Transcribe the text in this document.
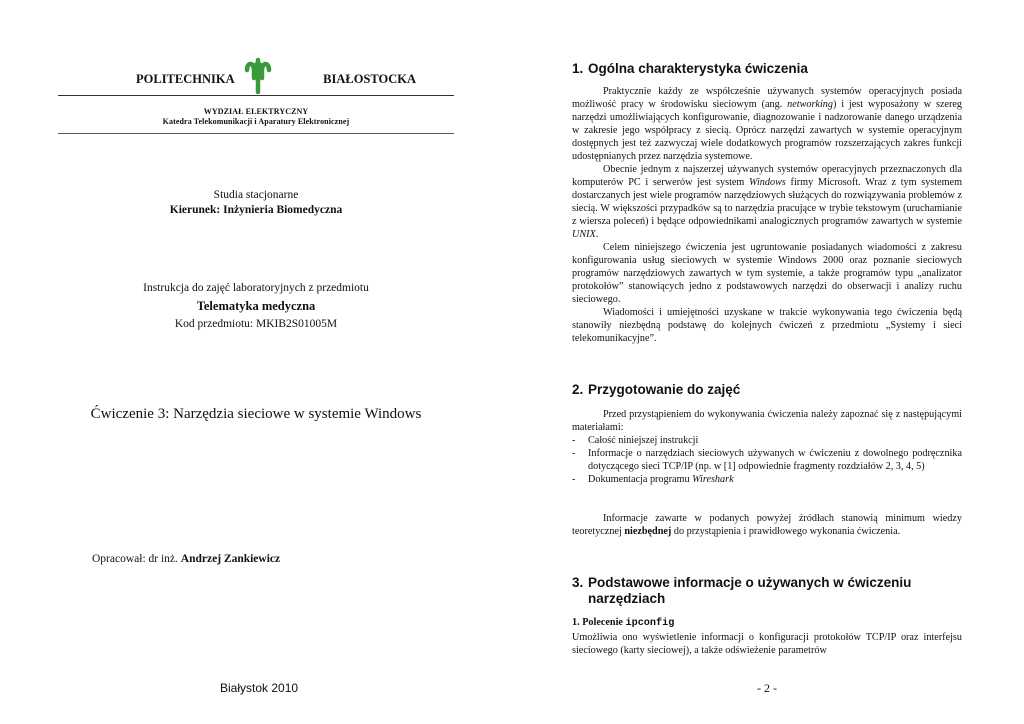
POLITECHNIKA	BIAŁOSTOCKA
WYDZIAŁ ELEKTRYCZNY
Katedra Telekomunikacji i Aparatury Elektronicznej
Studia stacjonarne
Kierunek: Inżynieria Biomedyczna
Instrukcja do zajęć laboratoryjnych z przedmiotu
Telematyka medyczna
Kod przedmiotu: MKIB2S01005M
Ćwiczenie 3: Narzędzia sieciowe w systemie Windows
Opracował: dr inż. Andrzej Zankiewicz
Białystok 2010
1. Ogólna charakterystyka ćwiczenia

Praktycznie każdy ze współcześnie używanych systemów operacyjnych posiada możliwość pracy w środowisku sieciowym (ang. networking) i jest wyposażony w szereg narzędzi umożliwiających konfigurowanie, diagnozowanie i nadzorowanie danego urządzenia w zakresie jego współpracy z siecią. Oprócz narzędzi zawartych w systemie operacyjnym dostępnych jest też zazwyczaj wiele dodatkowych programów rozszerzających zakres funkcji udostępnianych przez narzędzia systemowe.

Obecnie jednym z najszerzej używanych systemów operacyjnych przeznaczonych dla komputerów PC i serwerów jest system Windows firmy Microsoft. Wraz z tym systemem dostarczanych jest wiele programów narzędziowych służących do rozwiązywania problemów z siecią. W większości przypadków są to narzędzia pracujące w trybie tekstowym (uruchamianie z wiersza poleceń) i będące odpowiednikami analogicznych programów zawartych w systemie UNIX.

Celem niniejszego ćwiczenia jest ugruntowanie posiadanych wiadomości z zakresu konfigurowania usług sieciowych w systemie Windows 2000 oraz poznanie sieciowych programów narzędziowych zawartych w tym systemie, a także programów typu „analizator protokołów” stanowiących jedno z podstawowych narzędzi do obserwacji i analizy ruchu sieciowego.

Wiadomości i umiejętności uzyskane w trakcie wykonywania tego ćwiczenia będą stanowiły niezbędną podstawę do kolejnych ćwiczeń z przedmiotu „Systemy i sieci telekomunikacyjne”.

2. Przygotowanie do zajęć

Przed przystąpieniem do wykonywania ćwiczenia należy zapoznać się z następującymi materiałami:

- Całość niniejszej instrukcji
- Informacje o narzędziach sieciowych używanych w ćwiczeniu z dowolnego podręcznika dotyczącego sieci TCP/IP (np. w [1] odpowiednie fragmenty rozdziałów 2, 3, 4, 5)
- Dokumentacja programu Wireshark

Informacje zawarte w podanych powyżej źródłach stanowią minimum wiedzy teoretycznej niezbędnej do przystąpienia i prawidłowego wykonania ćwiczenia.

3. Podstawowe informacje o używanych w ćwiczeniu
narzędziach
1. Polecenie ipconfig

Umożliwia ono wyświetlenie informacji o konfiguracji protokołów TCP/IP oraz interfejsu sieciowego (karty sieciowej), a także odświeżenie parametrów

- 2 -
